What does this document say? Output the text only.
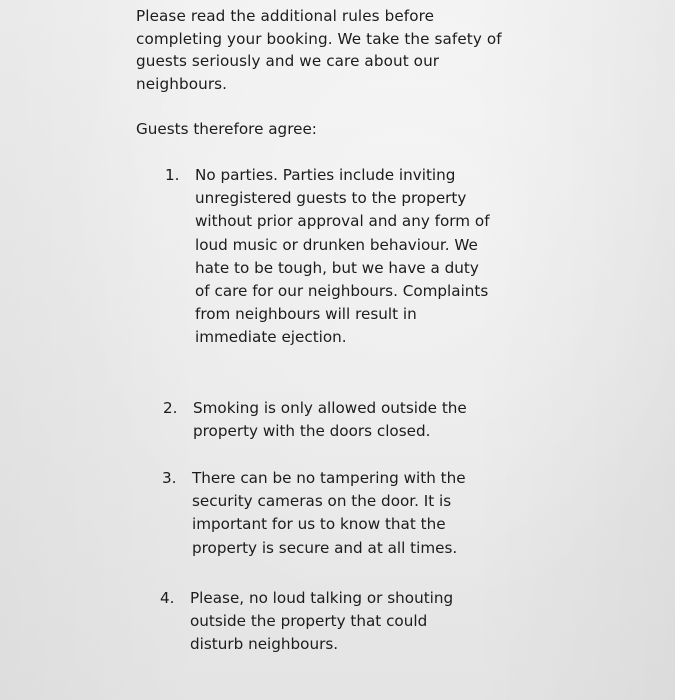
Please read the additional rules before completing your booking. We take the safety of guests seriously and we care about our neighbours.

Guests therefore agree:

1.	No parties. Parties include inviting unregistered guests to the property without prior approval and any form of loud music or drunken behaviour. We hate to be tough, but we have a duty of care for our neighbours. Complaints from neighbours will result in immediate ejection.
2.	Smoking is only allowed outside the property with the doors closed.
3.	There can be no tampering with the security cameras on the door. It is important for us to know that the property is secure and at all times.
4.	Please, no loud talking or shouting outside the property that could disturb neighbours.
